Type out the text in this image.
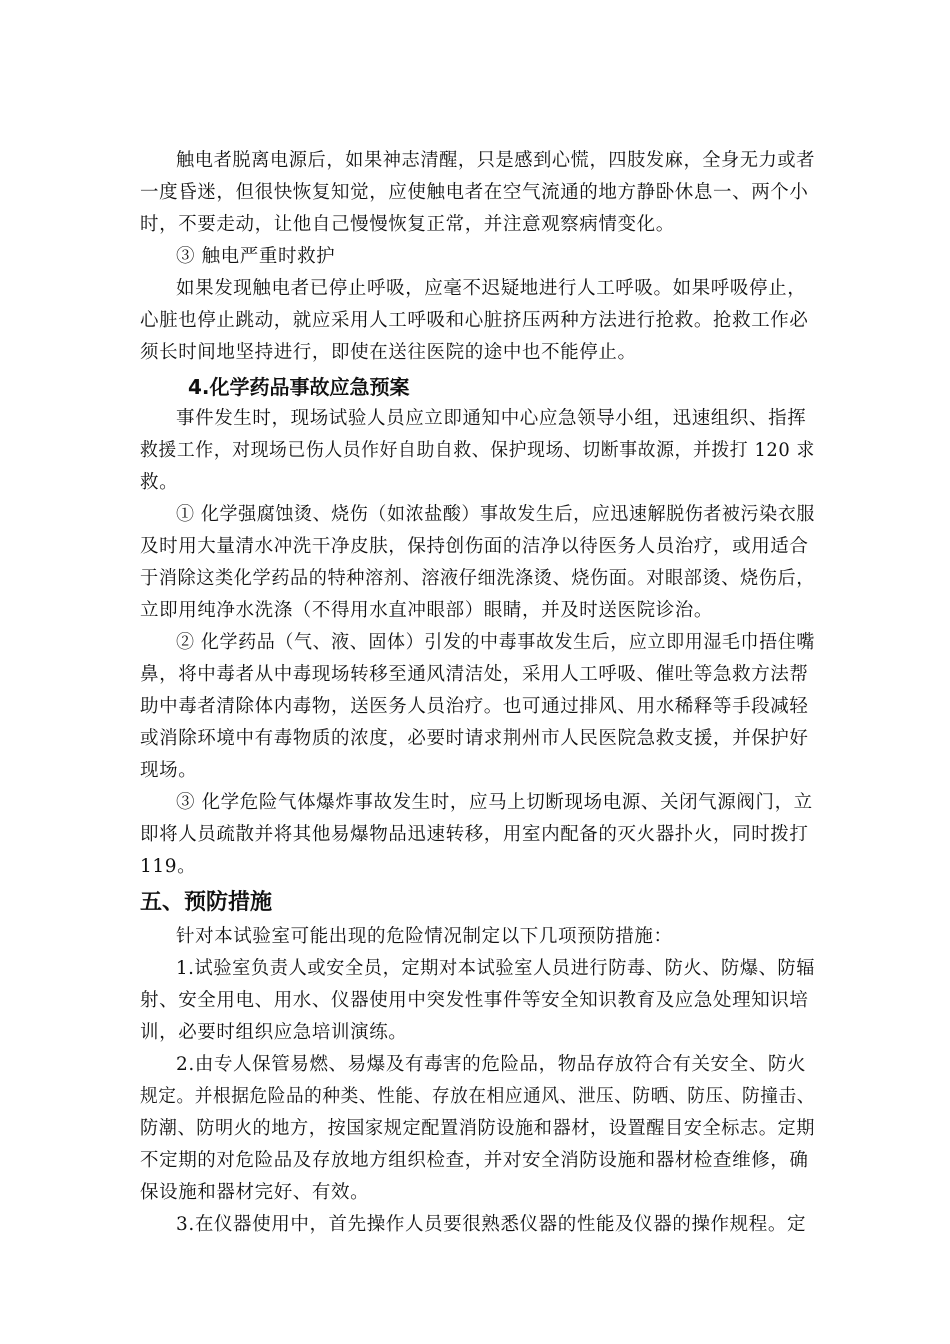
触电者脱离电源后，如果神志清醒，只是感到心慌，四肢发麻，全身无力或者
一度昏迷，但很快恢复知觉，应使触电者在空气流通的地方静卧休息一、两个小
时，不要走动，让他自己慢慢恢复正常，并注意观察病情变化。
③ 触电严重时救护
如果发现触电者已停止呼吸，应毫不迟疑地进行人工呼吸。如果呼吸停止，
心脏也停止跳动，就应采用人工呼吸和心脏挤压两种方法进行抢救。抢救工作必
须长时间地坚持进行，即使在送往医院的途中也不能停止。
4.化学药品事故应急预案
事件发生时，现场试验人员应立即通知中心应急领导小组，迅速组织、指挥
救援工作，对现场已伤人员作好自助自救、保护现场、切断事故源，并拨打 120 求
救。
① 化学强腐蚀烫、烧伤（如浓盐酸）事故发生后，应迅速解脱伤者被污染衣服
及时用大量清水冲洗干净皮肤，保持创伤面的洁净以待医务人员治疗，或用适合
于消除这类化学药品的特种溶剂、溶液仔细洗涤烫、烧伤面。对眼部烫、烧伤后，
立即用纯净水洗涤（不得用水直冲眼部）眼睛，并及时送医院诊治。
② 化学药品（气、液、固体）引发的中毒事故发生后，应立即用湿毛巾捂住嘴
鼻，将中毒者从中毒现场转移至通风清洁处，采用人工呼吸、催吐等急救方法帮
助中毒者清除体内毒物，送医务人员治疗。也可通过排风、用水稀释等手段减轻
或消除环境中有毒物质的浓度，必要时请求荆州市人民医院急救支援，并保护好
现场。
③ 化学危险气体爆炸事故发生时，应马上切断现场电源、关闭气源阀门，立
即将人员疏散并将其他易爆物品迅速转移，用室内配备的灭火器扑火，同时拨打
119。
五、预防措施
针对本试验室可能出现的危险情况制定以下几项预防措施：
1.试验室负责人或安全员，定期对本试验室人员进行防毒、防火、防爆、防辐
射、安全用电、用水、仪器使用中突发性事件等安全知识教育及应急处理知识培
训，必要时组织应急培训演练。
2.由专人保管易燃、易爆及有毒害的危险品，物品存放符合有关安全、防火
规定。并根据危险品的种类、性能、存放在相应通风、泄压、防晒、防压、防撞击、
防潮、防明火的地方，按国家规定配置消防设施和器材，设置醒目安全标志。定期
不定期的对危险品及存放地方组织检查，并对安全消防设施和器材检查维修，确
保设施和器材完好、有效。
3.在仪器使用中，首先操作人员要很熟悉仪器的性能及仪器的操作规程。定
